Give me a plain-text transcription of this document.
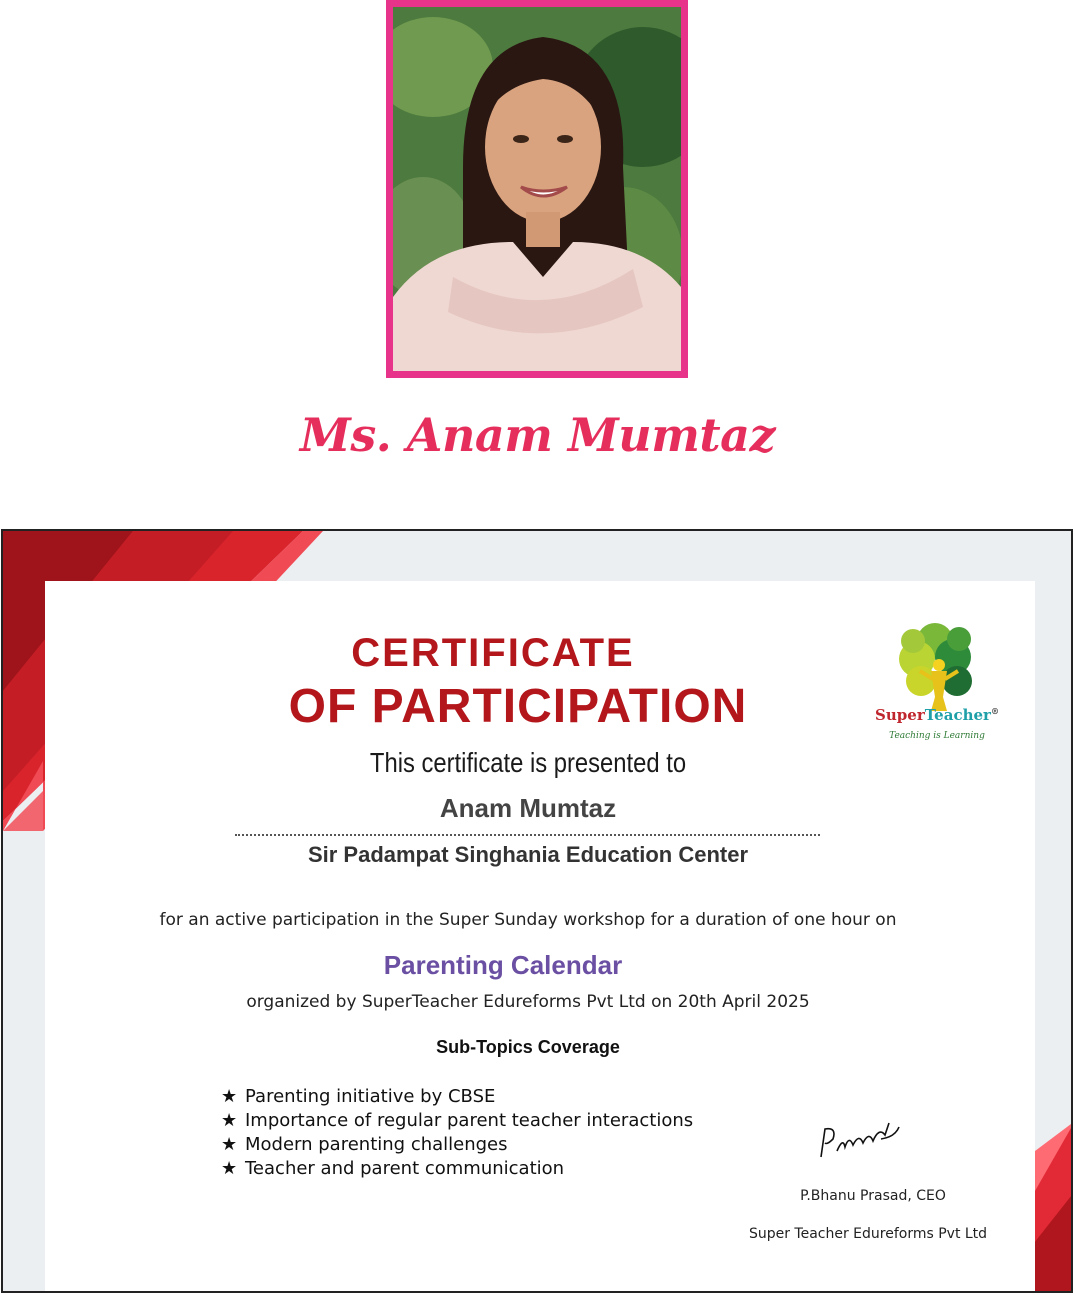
Ms. Anam Mumtaz
CERTIFICATE
OF PARTICIPATION	SuperTeacher®
Teaching is Learning
This certificate is presented to
Anam Mumtaz
Sir Padampat Singhania Education Center
for an active participation in the Super Sunday workshop for a duration of one hour on
Parenting Calendar
organized by SuperTeacher Edureforms Pvt Ltd on 20th April 2025
Sub-Topics Coverage
★ Parenting initiative by CBSE
★ Importance of regular parent teacher interactions
★ Modern parenting challenges
★ Teacher and parent communication
P.Bhanu Prasad, CEO
Super Teacher Edureforms Pvt Ltd
